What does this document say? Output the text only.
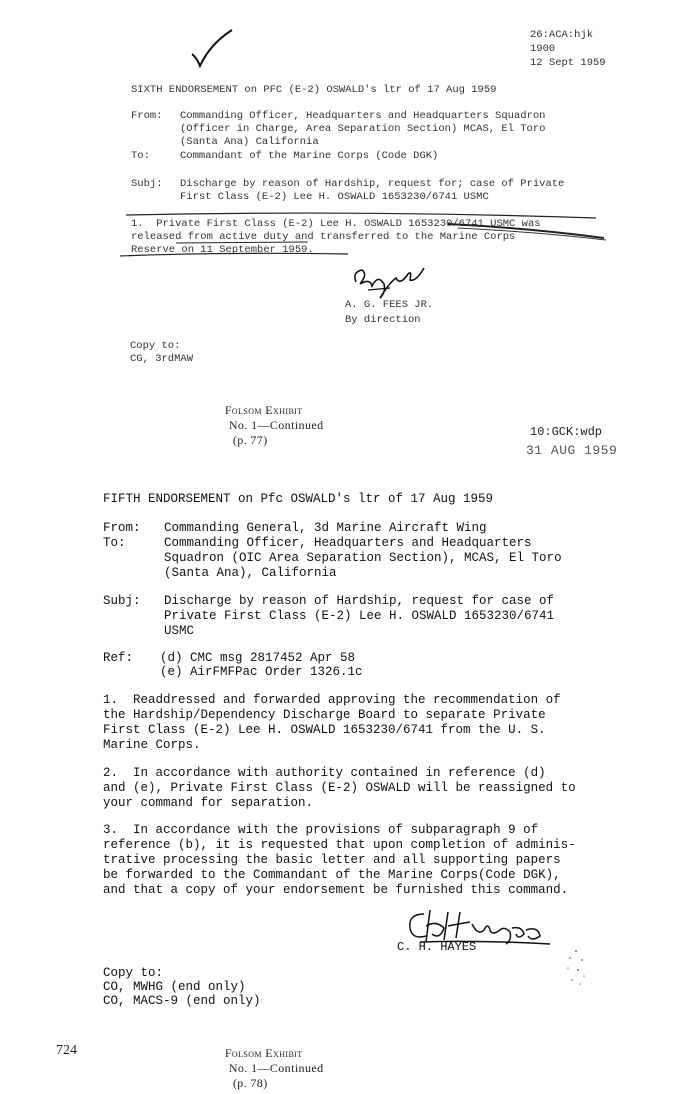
26:ACA:hjk
1900
12 Sept 1959
SIXTH ENDORSEMENT on PFC (E-2) OSWALD's ltr of 17 Aug 1959
From: Commanding Officer, Headquarters and Headquarters Squadron
(Officer in Charge, Area Separation Section) MCAS, El Toro
(Santa Ana) California
To:	Commandant of the Marine Corps (Code DGK)
Subj: Discharge by reason of Hardship, request for; case of Private
First Class (E-2) Lee H. OSWALD 1653230/6741 USMC
1.  Private First Class (E-2) Lee H. OSWALD 1653230/6741 USMC was
released from active duty and transferred to the Marine Corps
Reserve on 11 September 1959.
A. G. FEES JR.
By direction
Copy to:
CG, 3rdMAW

Folsom Exhibit
No. 1—Continued
(p. 77)

10:GCK:wdp
31 AUG 1959
FIFTH ENDORSEMENT on Pfc OSWALD's ltr of 17 Aug 1959
From: Commanding General, 3d Marine Aircraft Wing
To:	Commanding Officer, Headquarters and Headquarters
Squadron (OIC Area Separation Section), MCAS, El Toro
(Santa Ana), California
Subj: Discharge by reason of Hardship, request for case of
Private First Class (E-2) Lee H. OSWALD 1653230/6741
USMC
Ref: (d) CMC msg 2817452 Apr 58
(e) AirFMFPac Order 1326.1c
1.  Readdressed and forwarded approving the recommendation of
the Hardship/Dependency Discharge Board to separate Private
First Class (E-2) Lee H. OSWALD 1653230/6741 from the U. S.
Marine Corps.
2.  In accordance with authority contained in reference (d)
and (e), Private First Class (E-2) OSWALD will be reassigned to
your command for separation.
3.  In accordance with the provisions of subparagraph 9 of
reference (b), it is requested that upon completion of adminis-
trative processing the basic letter and all supporting papers
be forwarded to the Commandant of the Marine Corps(Code DGK),
and that a copy of your endorsement be furnished this command.
C. H. HAYES
Copy to:
CO, MWHG (end only)
CO, MACS-9 (end only)

Folsom Exhibit
No. 1—Continued
(p. 78)

724
